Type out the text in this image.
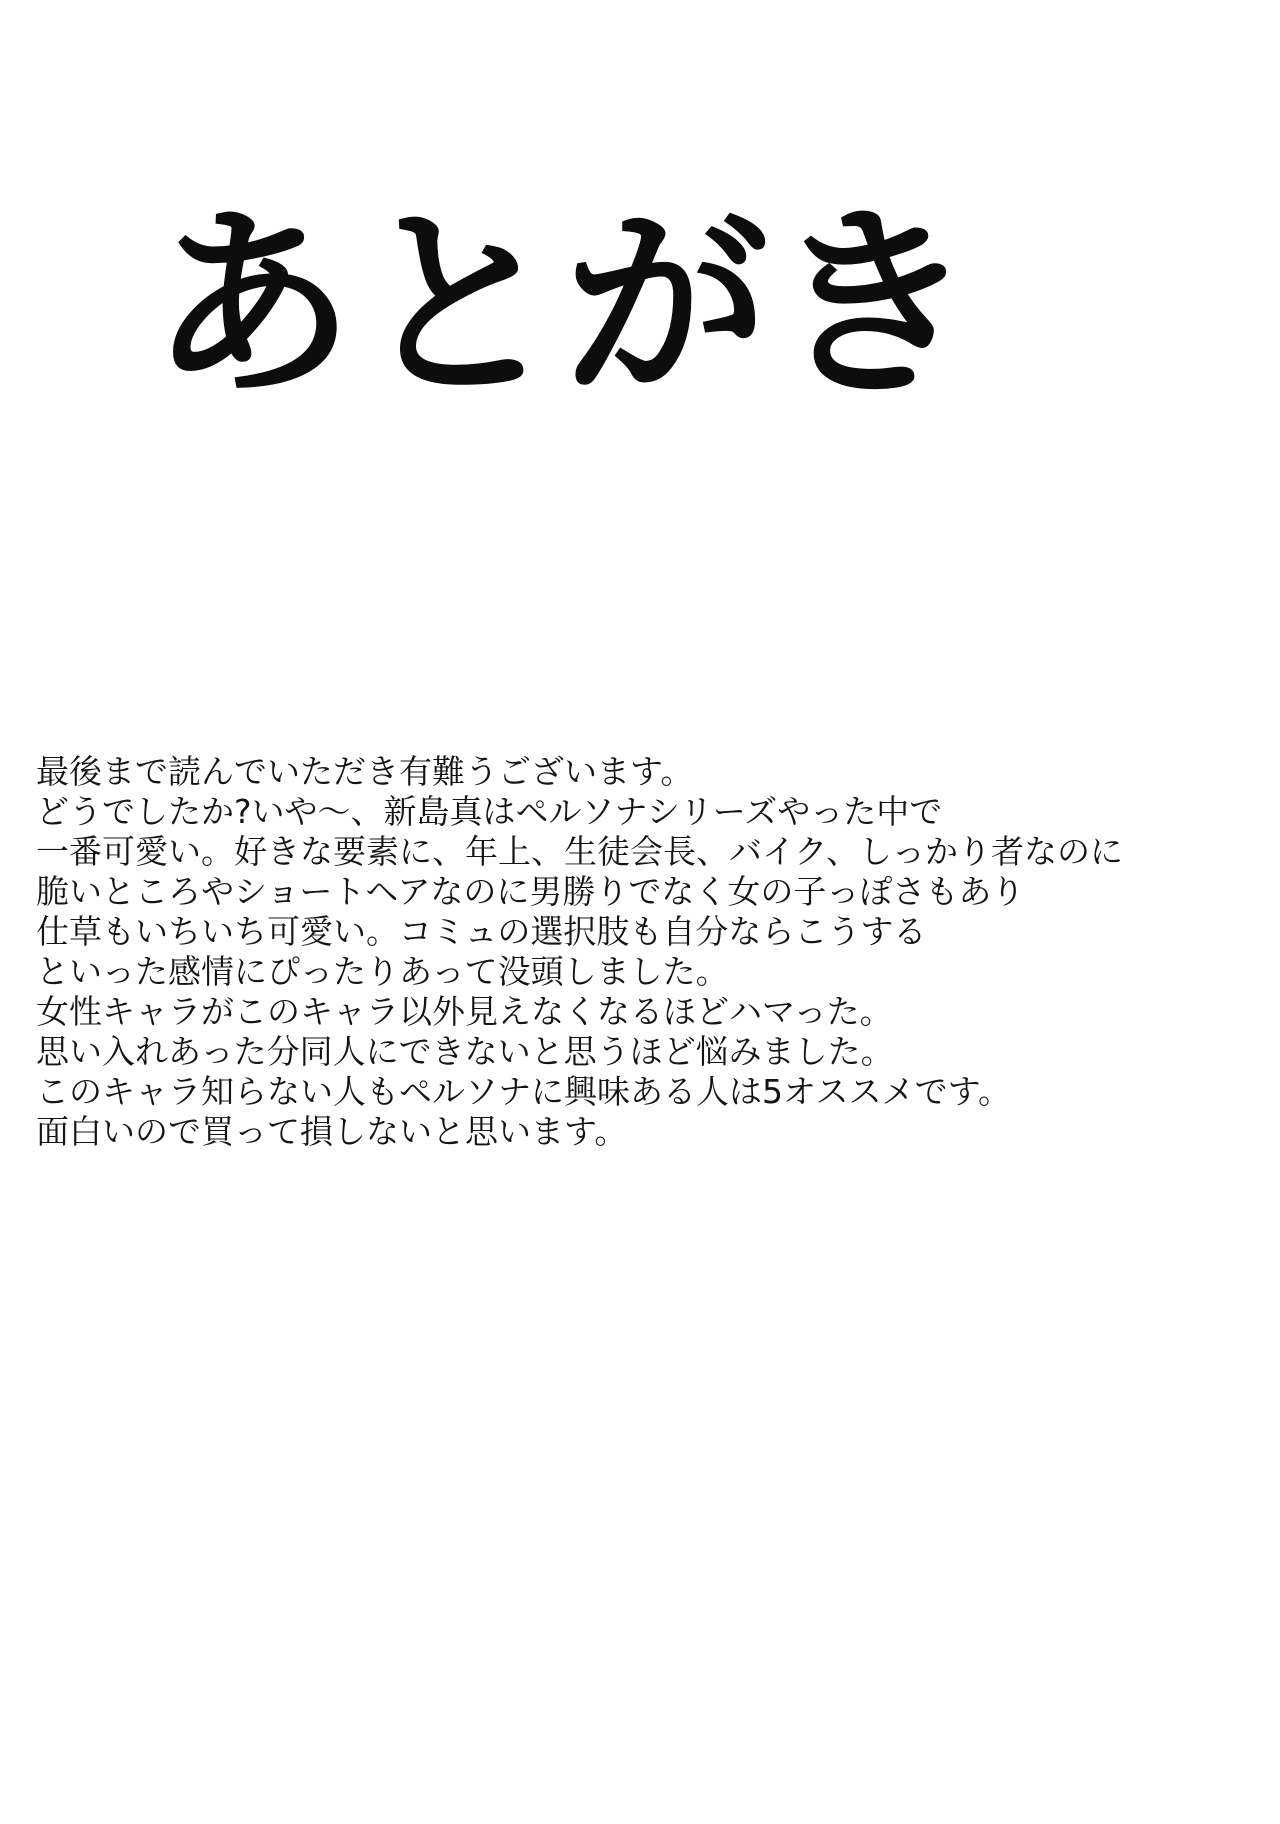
あとがき
最後まで読んでいただき有難うございます。
どうでしたか?いや〜、新島真はペルソナシリーズやった中で
一番可愛い。好きな要素に、年上、生徒会長、バイク、しっかり者なのに
脆いところやショートヘアなのに男勝りでなく女の子っぽさもあり
仕草もいちいち可愛い。コミュの選択肢も自分ならこうする
といった感情にぴったりあって没頭しました。
女性キャラがこのキャラ以外見えなくなるほどハマった。
思い入れあった分同人にできないと思うほど悩みました。
このキャラ知らない人もペルソナに興味ある人は5オススメです。
面白いので買って損しないと思います。
